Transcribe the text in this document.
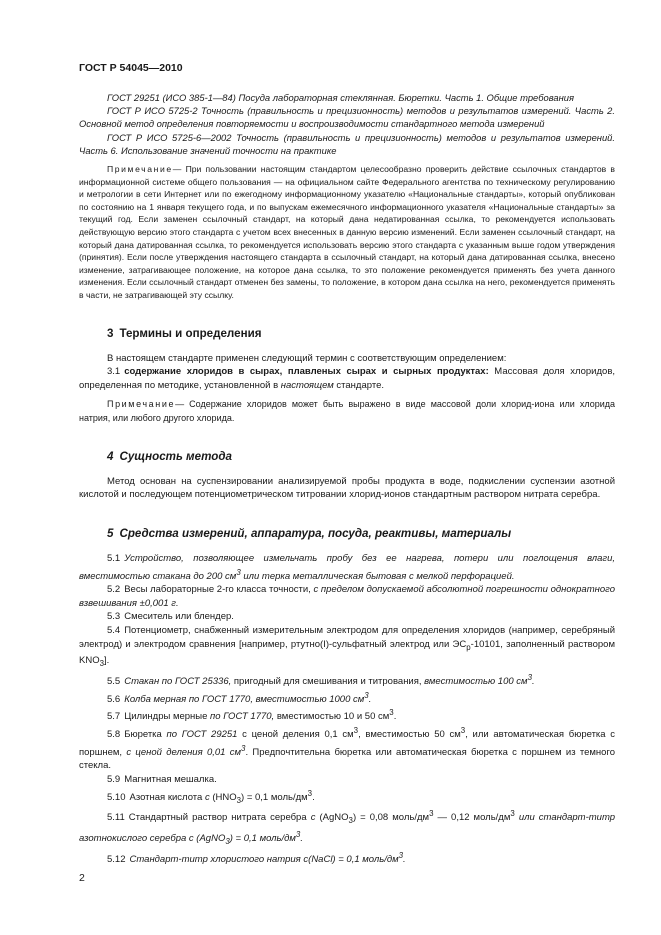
ГОСТ Р 54045—2010

ГОСТ 29251 (ИСО 385-1—84) Посуда лабораторная стеклянная. Бюретки. Часть 1. Общие требования

ГОСТ Р ИСО 5725-2 Точность (правильность и прецизионность) методов и результатов измерений. Часть 2. Основной метод определения повторяемости и воспроизводимости стандартного метода измерений

ГОСТ Р ИСО 5725-6—2002 Точность (правильность и прецизионность) методов и результатов измерений. Часть 6. Использование значений точности на практике

Примечание— При пользовании настоящим стандартом целесообразно проверить действие ссылочных стандартов в информационной системе общего пользования — на официальном сайте Федерального агентства по техническому регулированию и метрологии в сети Интернет или по ежегодному информационному указателю «Национальные стандарты», который опубликован по состоянию на 1 января текущего года, и по выпускам ежемесячного информационного указателя «Национальные стандарты» за текущий год. Если заменен ссылочный стандарт, на который дана недатированная ссылка, то рекомендуется использовать действующую версию этого стандарта с учетом всех внесенных в данную версию изменений. Если заменен ссылочный стандарт, на который дана датированная ссылка, то рекомендуется использовать версию этого стандарта с указанным выше годом утверждения (принятия). Если после утверждения настоящего стандарта в ссылочный стандарт, на который дана датированная ссылка, внесено изменение, затрагивающее положение, на которое дана ссылка, то это положение рекомендуется применять без учета данного изменения. Если ссылочный стандарт отменен без замены, то положение, в котором дана ссылка на него, рекомендуется применять в части, не затрагивающей эту ссылку.

3 Термины и определения

В настоящем стандарте применен следующий термин с соответствующим определением:

3.1 содержание хлоридов в сырах, плавленых сырах и сырных продуктах: Массовая доля хлоридов, определенная по методике, установленной в настоящем стандарте.

Примечание— Содержание хлоридов может быть выражено в виде массовой доли хлорид-иона или хлорида натрия, или любого другого хлорида.

4 Сущность метода

Метод основан на суспензировании анализируемой пробы продукта в воде, подкислении суспензии азотной кислотой и последующем потенциометрическом титровании хлорид-ионов стандартным раствором нитрата серебра.

5 Средства измерений, аппаратура, посуда, реактивы, материалы

5.1 Устройство, позволяющее измельчать пробу без ее нагрева, потери или поглощения влаги, вместимостью стакана до 200 $см^3$ или терка металлическая бытовая с мелкой перфорацией.

5.2 Весы лабораторные 2-го класса точности, с пределом допускаемой абсолютной погрешности однократного взвешивания ±0,001 г.

5.3 Смеситель или блендер.

5.4 Потенциометр, снабженный измерительным электродом для определения хлоридов (например, серебряный электрод) и электродом сравнения [например, ртутно(I)-сульфатный электрод или $ЭС_р-10101$, заполненный раствором $KNO_3$].

5.5 Стакан по ГОСТ 25336, пригодный для смешивания и титрования, вместимостью 100 $см^3$.

5.6 Колба мерная по ГОСТ 1770, вместимостью 1000 $см^3$.

5.7 Цилиндры мерные по ГОСТ 1770, вместимостью 10 и 50 $см^3$.

5.8 Бюретка по ГОСТ 29251 с ценой деления 0,1 $см^3$, вместимостью 50 $см^3$, или автоматическая бюретка с поршнем, с ценой деления 0,01 $см^3$. Предпочтительна бюретка или автоматическая бюретка с поршнем из темного стекла.

5.9 Магнитная мешалка.

5.10 Азотная кислота с $(HNO_3) = 0,1$ моль/$дм^3$.

5.11 Стандартный раствор нитрата серебра с (AgNO$_3$) = 0,08 моль/$дм^3$ — 0,12 моль/$дм^3$ или стандарт-титр азотнокислого серебра с (AgNO$_3$) = 0,1 моль/$дм^3$.

5.12 Стандарт-титр хлористого натрия c(NaCl) = 0,1 моль/$дм^3$.

2
